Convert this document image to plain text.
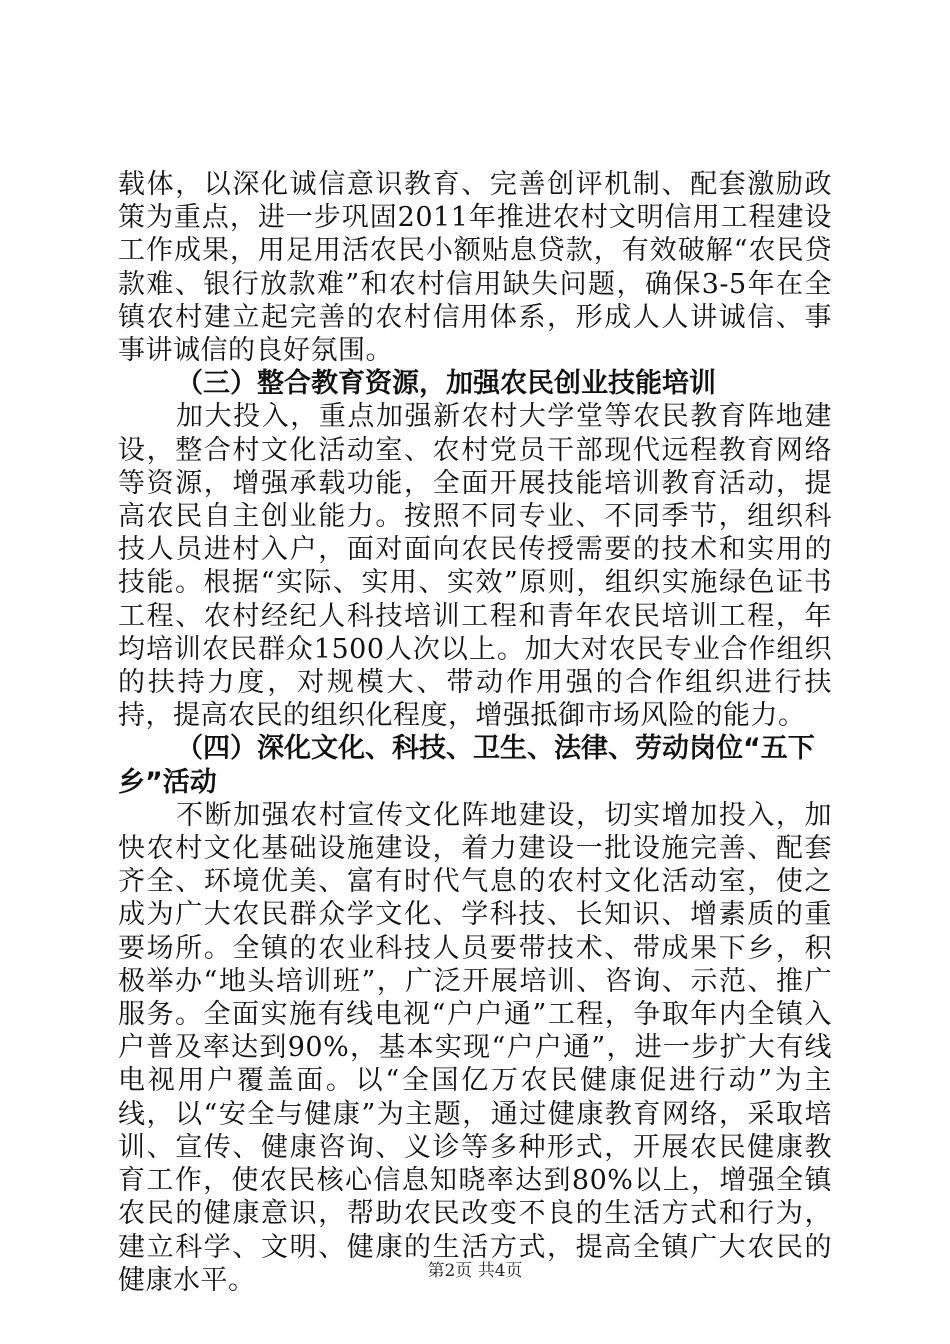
载体，以深化诚信意识教育、完善创评机制、配套激励政策为重点，进一步巩固2011年推进农村文明信用工程建设工作成果，用足用活农民小额贴息贷款，有效破解“农民贷款难、银行放款难”和农村信用缺失问题，确保3-5年在全镇农村建立起完善的农村信用体系，形成人人讲诚信、事事讲诚信的良好氛围。

（三）整合教育资源，加强农民创业技能培训

加大投入，重点加强新农村大学堂等农民教育阵地建设，整合村文化活动室、农村党员干部现代远程教育网络等资源，增强承载功能，全面开展技能培训教育活动，提高农民自主创业能力。按照不同专业、不同季节，组织科技人员进村入户，面对面向农民传授需要的技术和实用的技能。根据“实际、实用、实效”原则，组织实施绿色证书工程、农村经纪人科技培训工程和青年农民培训工程，年均培训农民群众1500人次以上。加大对农民专业合作组织的扶持力度，对规模大、带动作用强的合作组织进行扶持，提高农民的组织化程度，增强抵御市场风险的能力。

（四）深化文化、科技、卫生、法律、劳动岗位“五下乡”活动

不断加强农村宣传文化阵地建设，切实增加投入，加快农村文化基础设施建设，着力建设一批设施完善、配套齐全、环境优美、富有时代气息的农村文化活动室，使之成为广大农民群众学文化、学科技、长知识、增素质的重要场所。全镇的农业科技人员要带技术、带成果下乡，积极举办“地头培训班”，广泛开展培训、咨询、示范、推广服务。全面实施有线电视“户户通”工程，争取年内全镇入户普及率达到90%，基本实现“户户通”，进一步扩大有线电视用户覆盖面。以“全国亿万农民健康促进行动”为主线，以“安全与健康”为主题，通过健康教育网络，采取培训、宣传、健康咨询、义诊等多种形式，开展农民健康教育工作，使农民核心信息知晓率达到80%以上，增强全镇农民的健康意识，帮助农民改变不良的生活方式和行为，建立科学、文明、健康的生活方式，提高全镇广大农民的健康水平。	第2页 共4页
